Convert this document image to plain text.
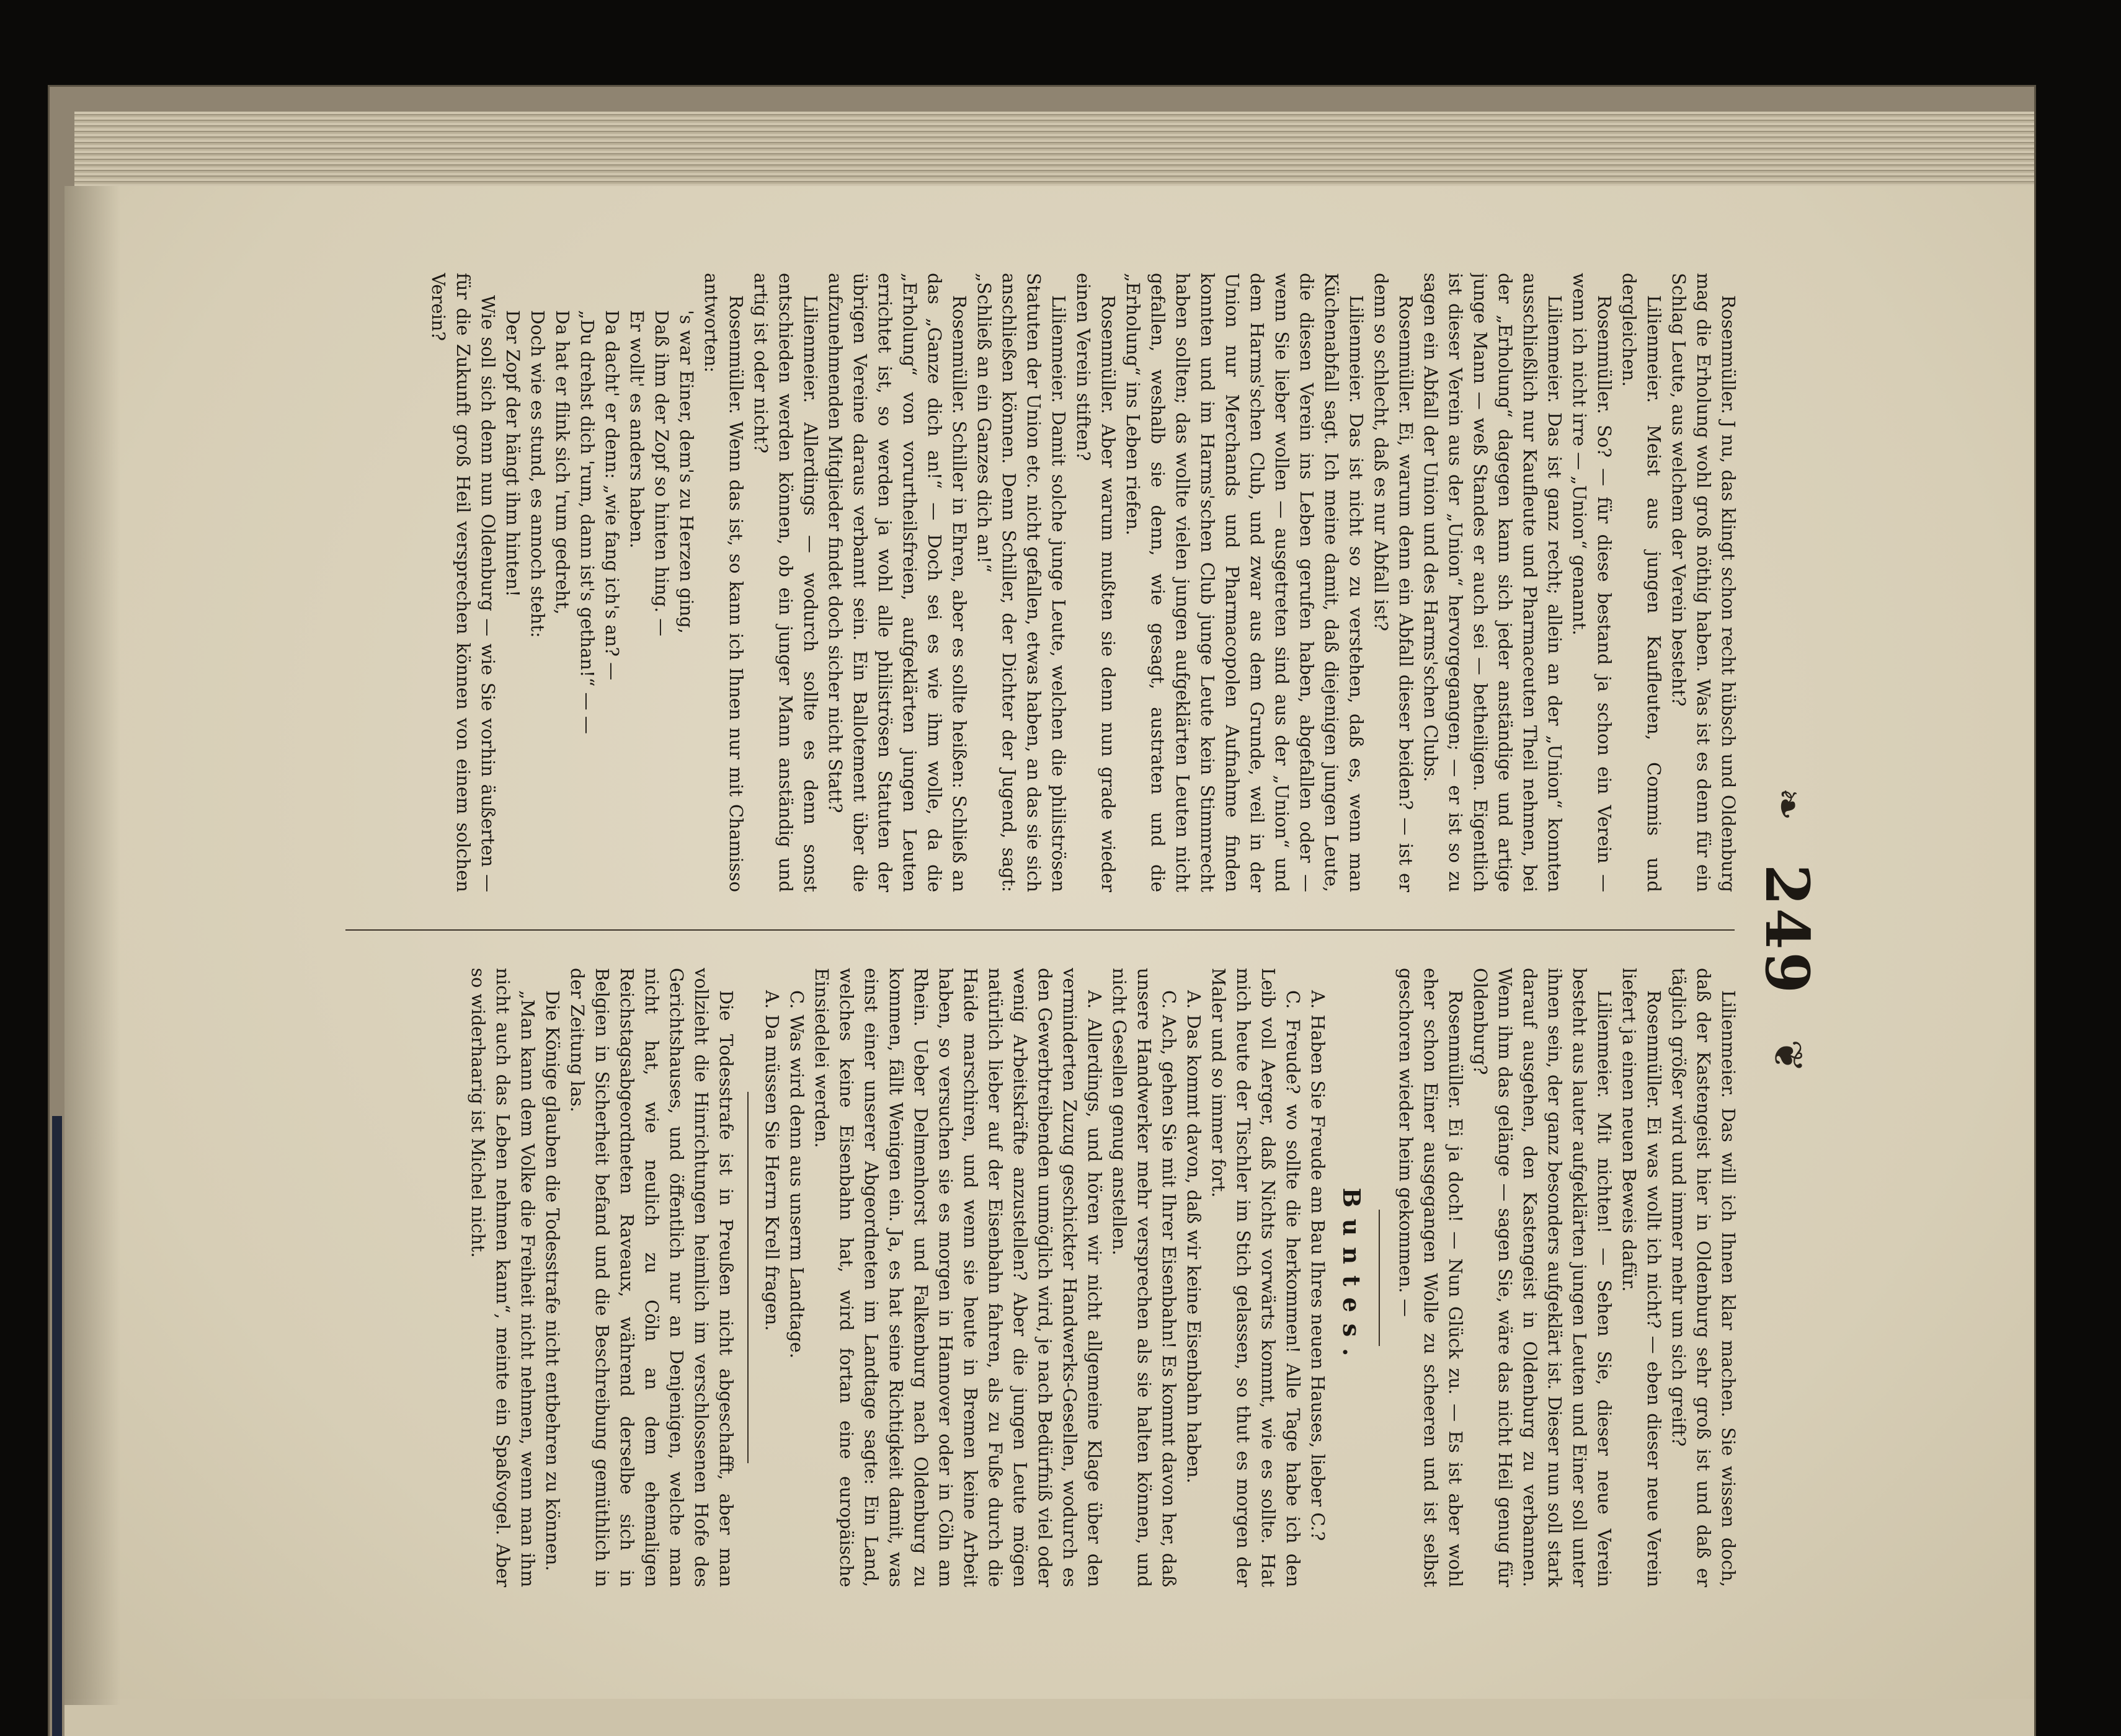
❧
249
❦

Rosenmüller. J nu, das klingt schon recht hübsch und Oldenburg mag die Erholung wohl groß nöthig haben. Was ist es denn für ein Schlag Leute, aus welchem der Verein besteht?

Lilienmeier. Meist aus jungen Kaufleuten, Commis und dergleichen.

Rosenmüller. So? — für diese bestand ja schon ein Verein — wenn ich nicht irre — „Union“ genannt.

Lilienmeier. Das ist ganz recht; allein an der „Union“ konnten ausschließlich nur Kaufleute und Pharmaceuten Theil nehmen, bei der „Erholung“ dagegen kann sich jeder anständige und artige junge Mann — weß Standes er auch sei — betheiligen. Eigentlich ist dieser Verein aus der „Union“ hervorgegangen; — er ist so zu sagen ein Abfall der Union und des Harms'schen Clubs.

Rosenmüller. Ei, warum denn ein Abfall dieser beiden? — ist er denn so schlecht, daß es nur Abfall ist?

Lilienmeier. Das ist nicht so zu verstehen, daß es, wenn man Küchenabfall sagt. Ich meine damit, daß diejenigen jungen Leute, die diesen Verein ins Leben gerufen haben, abgefallen oder — wenn Sie lieber wollen — ausgetreten sind aus der „Union“ und dem Harms'schen Club, und zwar aus dem Grunde, weil in der Union nur Merchands und Pharmacopolen Aufnahme finden konnten und im Harms'schen Club junge Leute kein Stimmrecht haben sollten; das wollte vielen jungen aufgeklärten Leuten nicht gefallen, weshalb sie denn, wie gesagt, austraten und die „Erholung“ ins Leben riefen.

Rosenmüller. Aber warum mußten sie denn nun grade wieder einen Verein stiften?

Lilienmeier. Damit solche junge Leute, welchen die philiströsen Statuten der Union etc. nicht gefallen, etwas haben, an das sie sich anschließen können. Denn Schiller, der Dichter der Jugend, sagt: „Schließ an ein Ganzes dich an!“

Rosenmüller. Schiller in Ehren, aber es sollte heißen: Schließ an das „Ganze dich an!“ — Doch sei es wie ihm wolle, da die „Erholung“ von vorurtheilsfreien, aufgeklärten jungen Leuten errichtet ist, so werden ja wohl alle philiströsen Statuten der übrigen Vereine daraus verbannt sein. Ein Ballotement über die aufzunehmenden Mitglieder findet doch sicher nicht Statt?

Lilienmeier. Allerdings — wodurch sollte es denn sonst entschieden werden können, ob ein junger Mann anständig und artig ist oder nicht?

Rosenmüller. Wenn das ist, so kann ich Ihnen nur mit Chamisso antworten:

's war Einer, dem's zu Herzen ging,

Daß ihm der Zopf so hinten hing. —

Er wollt' es anders haben.

Da dacht' er denn: „wie fang ich's an? —

„Du drehst dich 'rum, dann ist's gethan!“ — —

Da hat er flink sich 'rum gedreht,

Doch wie es stund, es annoch steht:

Der Zopf der hängt ihm hinten!

Wie soll sich denn nun Oldenburg — wie Sie vorhin äußerten — für die Zukunft groß Heil versprechen können von einem solchen Verein?

Lilienmeier. Das will ich Ihnen klar machen. Sie wissen doch, daß der Kastengeist hier in Oldenburg sehr groß ist und daß er täglich größer wird und immer mehr um sich greift?

Rosenmüller. Ei was wollt ich nicht? — eben dieser neue Verein liefert ja einen neuen Beweis dafür.

Lilienmeier. Mit nichten! — Sehen Sie, dieser neue Verein besteht aus lauter aufgeklärten jungen Leuten und Einer soll unter ihnen sein, der ganz besonders aufgeklärt ist. Dieser nun soll stark darauf ausgehen, den Kastengeist in Oldenburg zu verbannen. Wenn ihm das gelänge — sagen Sie, wäre das nicht Heil genug für Oldenburg?

Rosenmüller. Ei ja doch! — Nun Glück zu. — Es ist aber wohl eher schon Einer ausgegangen Wolle zu scheeren und ist selbst geschoren wieder heim gekommen. —

Buntes.

A. Haben Sie Freude am Bau Ihres neuen Hauses, lieber C.?

C. Freude? wo sollte die herkommen! Alle Tage habe ich den Leib voll Aerger, daß Nichts vorwärts kommt, wie es sollte. Hat mich heute der Tischler im Stich gelassen, so thut es morgen der Maler und so immer fort.

A. Das kommt davon, daß wir keine Eisenbahn haben.

C. Ach, gehen Sie mit Ihrer Eisenbahn! Es kommt davon her, daß unsere Handwerker mehr versprechen als sie halten können, und nicht Gesellen genug anstellen.

A. Allerdings, und hören wir nicht allgemeine Klage über den verminderten Zuzug geschickter Handwerks-Gesellen, wodurch es den Gewerbtreibenden unmöglich wird, je nach Bedürfniß viel oder wenig Arbeitskräfte anzustellen? Aber die jungen Leute mögen natürlich lieber auf der Eisenbahn fahren, als zu Fuße durch die Haide marschiren, und wenn sie heute in Bremen keine Arbeit haben, so versuchen sie es morgen in Hannover oder in Cöln am Rhein. Ueber Delmenhorst und Falkenburg nach Oldenburg zu kommen, fällt Wenigen ein. Ja, es hat seine Richtigkeit damit, was einst einer unserer Abgeordneten im Landtage sagte: Ein Land, welches keine Eisenbahn hat, wird fortan eine europäische Einsiedelei werden.

C. Was wird denn aus unserm Landtage.

A. Da müssen Sie Herrn Krell fragen.

Die Todesstrafe ist in Preußen nicht abgeschafft, aber man vollzieht die Hinrichtungen heimlich im verschlossenen Hofe des Gerichtshauses, und öffentlich nur an Denjenigen, welche man nicht hat, wie neulich zu Cöln an dem ehemaligen Reichstagsabgeordneten Raveaux, während derselbe sich in Belgien in Sicherheit befand und die Beschreibung gemüthlich in der Zeitung las.

Die Könige glauben die Todesstrafe nicht entbehren zu können.

„Man kann dem Volke die Freiheit nicht nehmen, wenn man ihm nicht auch das Leben nehmen kann“, meinte ein Spaßvogel. Aber so widerhaarig ist Michel nicht.
